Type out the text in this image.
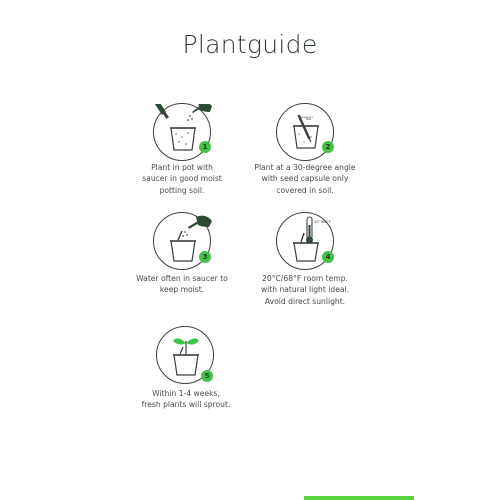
Plantguide
1
Plant in pot with
saucer in good moist
potting soil.
30°
2
Plant at a 30-degree angle
with seed capsule only
covered in soil.
3
Water often in saucer to
keep moist.
20°/68°F
4
20°C/68°F room temp.
with natural light ideal.
Avoid direct sunlight.
5
Within 1-4 weeks,
fresh plants will sprout.
